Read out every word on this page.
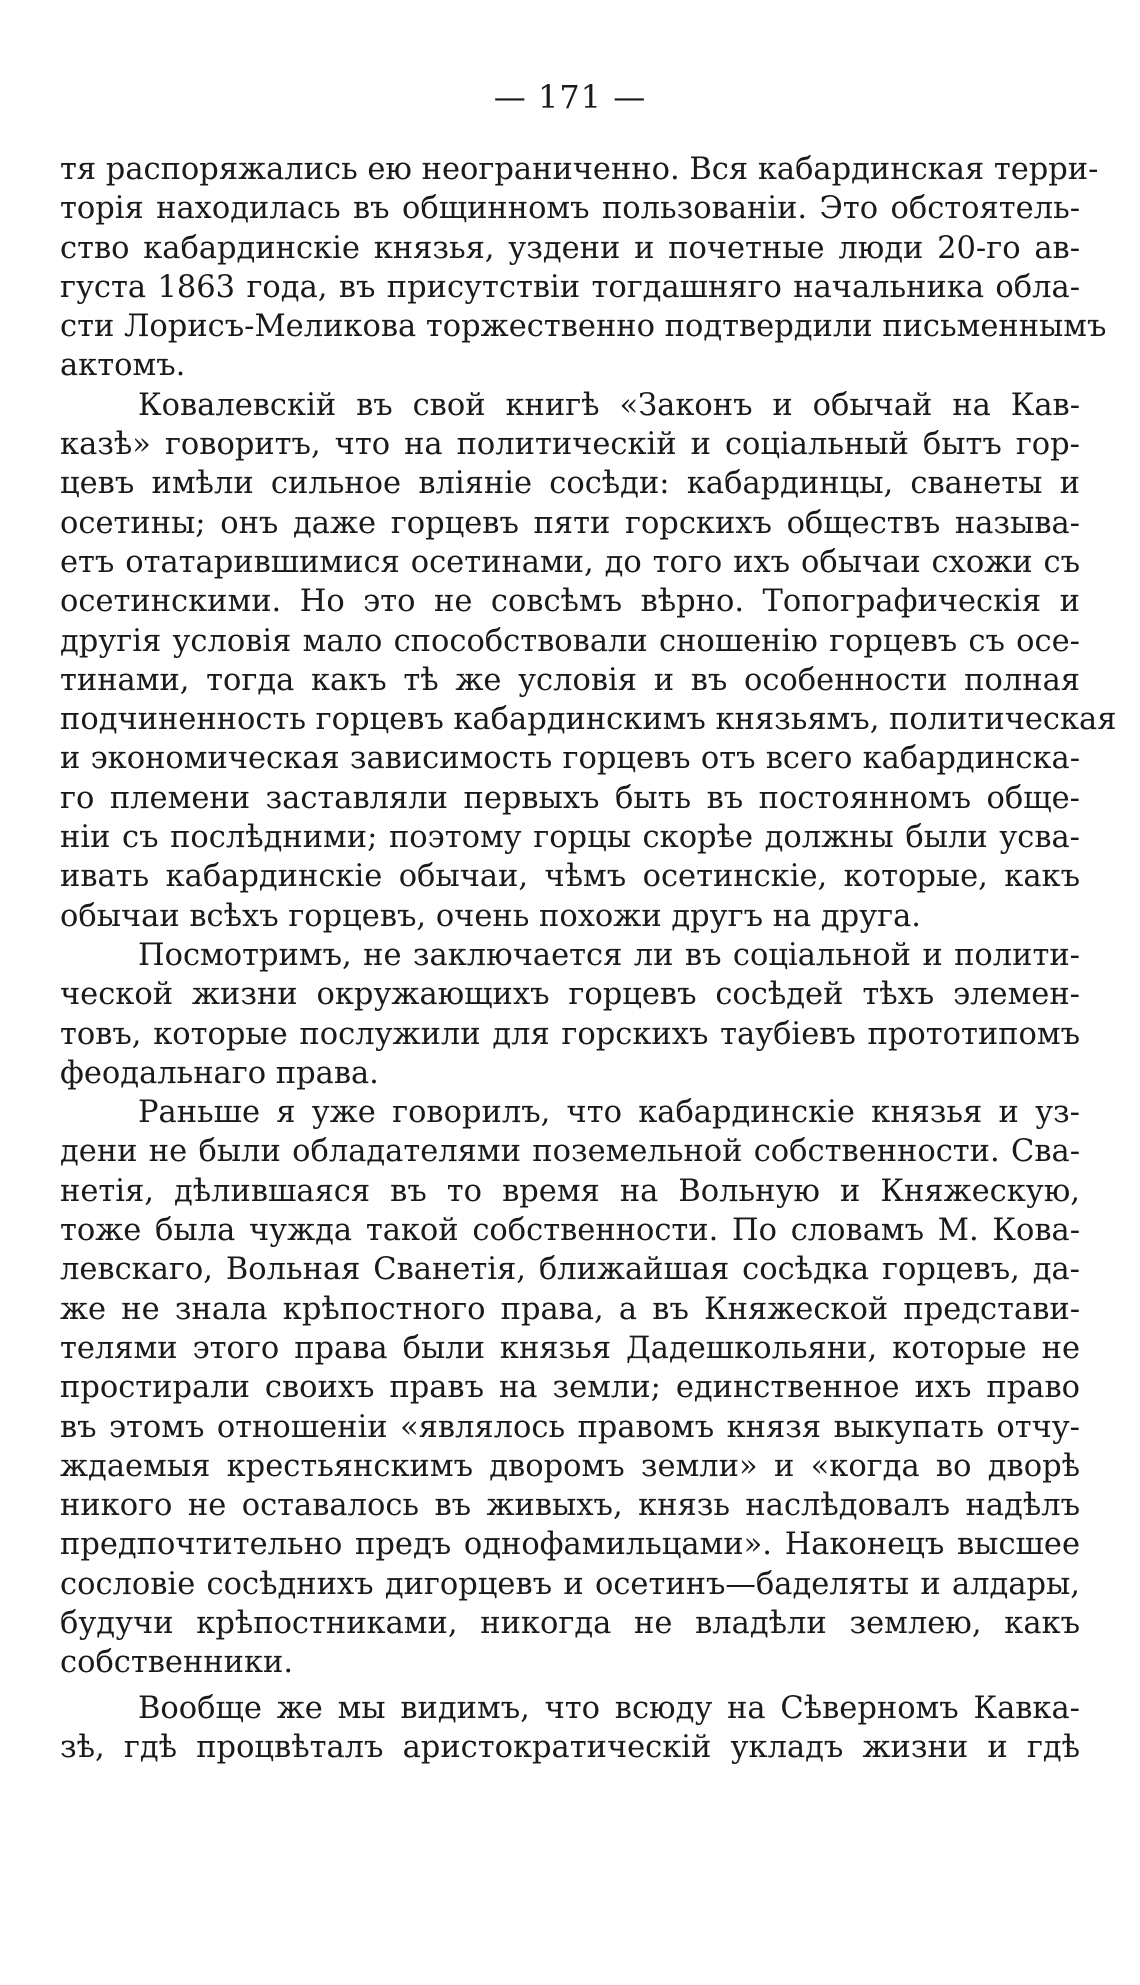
— 171 —
тя распоряжались ею неограниченно. Вся кабардинская терри-
торія находилась въ общинномъ пользованіи. Это обстоятель-
ство кабардинскіе князья, уздени и почетные люди 20-го ав-
густа 1863 года, въ присутствіи тогдашняго начальника обла-
сти Лорисъ-Меликова торжественно подтвердили письменнымъ
актомъ.
Ковалевскій въ свой книгѣ «Законъ и обычай на Кав-
казѣ» говоритъ, что на политическій и соціальный бытъ гор-
цевъ имѣли сильное вліяніе сосѣди: кабардинцы, сванеты и
осетины; онъ даже горцевъ пяти горскихъ обществъ называ-
етъ отатарившимися осетинами, до того ихъ обычаи схожи съ
осетинскими. Но это не совсѣмъ вѣрно. Топографическія и
другія условія мало способствовали сношенію горцевъ съ осе-
тинами, тогда какъ тѣ же условія и въ особенности полная
подчиненность горцевъ кабардинскимъ князьямъ, политическая
и экономическая зависимость горцевъ отъ всего кабардинска-
го племени заставляли первыхъ быть въ постоянномъ обще-
ніи съ послѣдними; поэтому горцы скорѣе должны были усва-
ивать кабардинскіе обычаи, чѣмъ осетинскіе, которые, какъ
обычаи всѣхъ горцевъ, очень похожи другъ на друга.
Посмотримъ, не заключается ли въ соціальной и полити-
ческой жизни окружающихъ горцевъ сосѣдей тѣхъ элемен-
товъ, которые послужили для горскихъ таубіевъ прототипомъ
феодальнаго права.
Раньше я уже говорилъ, что кабардинскіе князья и уз-
дени не были обладателями поземельной собственности. Сва-
нетія, дѣлившаяся въ то время на Вольную и Княжескую,
тоже была чужда такой собственности. По словамъ М. Кова-
левскаго, Вольная Сванетія, ближайшая сосѣдка горцевъ, да-
же не знала крѣпостного права, а въ Княжеской представи-
телями этого права были князья Дадешкольяни, которые не
простирали своихъ правъ на земли; единственное ихъ право
въ этомъ отношеніи «являлось правомъ князя выкупать отчу-
ждаемыя крестьянскимъ дворомъ земли» и «когда во дворѣ
никого не оставалось въ живыхъ, князь наслѣдовалъ надѣлъ
предпочтительно предъ однофамильцами». Наконецъ высшее
сословіе сосѣднихъ дигорцевъ и осетинъ—баделяты и алдары,
будучи крѣпостниками, никогда не владѣли землею, какъ
собственники.
Вообще же мы видимъ, что всюду на Сѣверномъ Кавка-
зѣ, гдѣ процвѣталъ аристократическій укладъ жизни и гдѣ
